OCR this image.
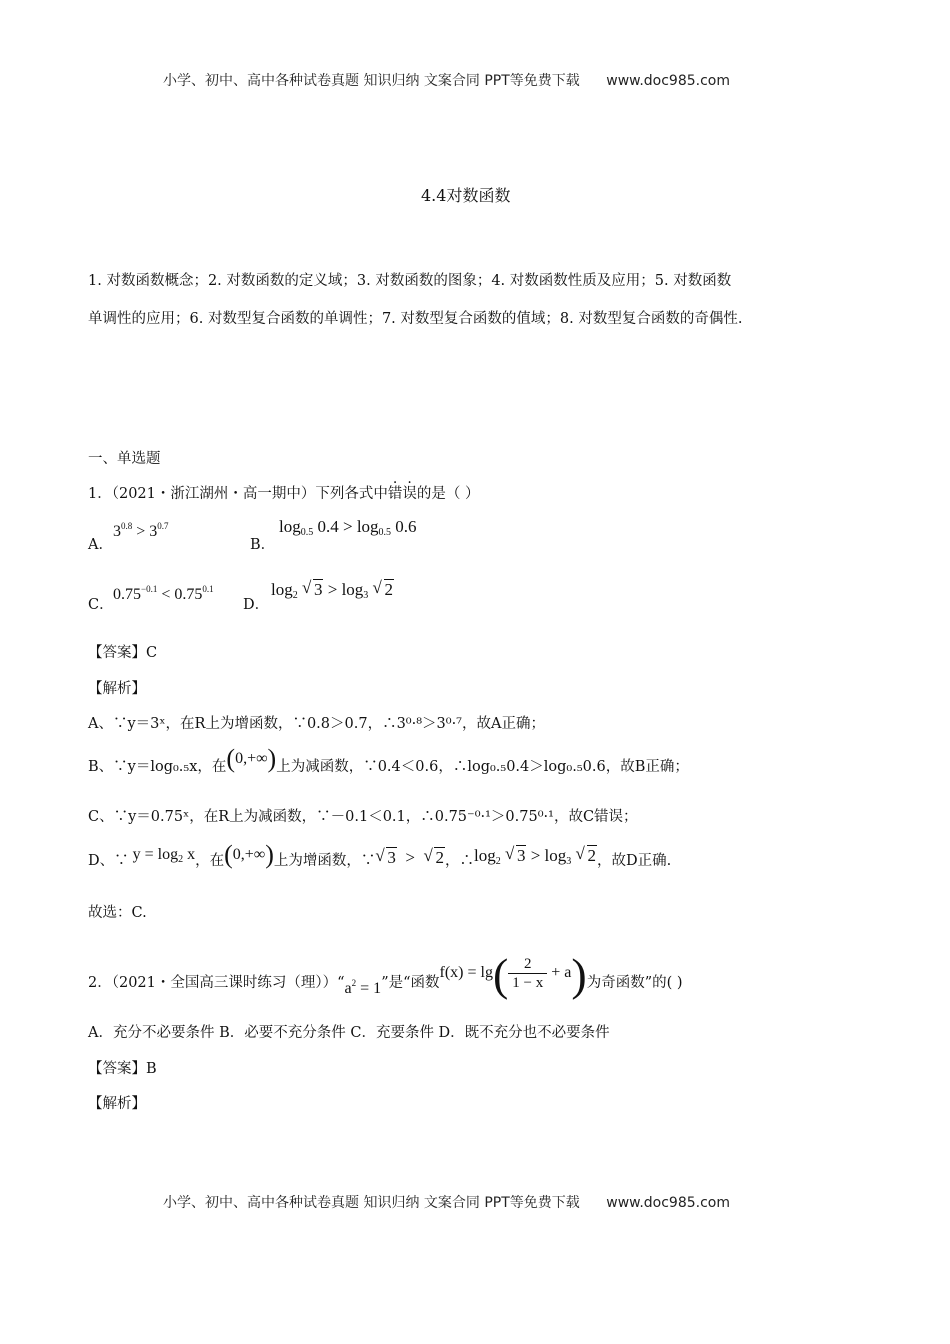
小学、初中、高中各种试卷真题 知识归纳 文案合同 PPT等免费下载 www.doc985.com
4.4对数函数
1. 对数函数概念；2. 对数函数的定义域；3. 对数函数的图象；4. 对数函数性质及应用；5. 对数函数
单调性的应用；6. 对数型复合函数的单调性；7. 对数型复合函数的值域；8. 对数型复合函数的奇偶性.
一、单选题
1．（2021・浙江湖州・高一期中）下列各式中错误的是（ ）
A．
$3^{0.8} > 3^{0.7}$
B．
$\log_{0.5} 0.4 > \log_{0.5} 0.6$
C．
$0.75^{-0.1} < 0.75^{0.1}$
D．
$\log_2$ √ $3 > \log_3$ √ 2
【答案】C
【解析】
A、∵y＝3ˣ，在R上为增函数，∵0.8＞0.7，∴3⁰·⁸＞3⁰·⁷，故A正确；
B、∵y＝log₀.₅x，在(0,+∞)上为减函数，∵0.4＜0.6，∴log₀.₅0.4＞log₀.₅0.6，故B正确；
C、∵y＝0.75ˣ，在R上为减函数，∵－0.1＜0.1，∴0.75⁻⁰·¹＞0.75⁰·¹，故C错误；
D、∵ $y = \log_2 x$，在(0,+∞)上为增函数，∵ √ 3  >  √ 2，$\therefore\log_2$ √ $3 > \log_3$ √ 2，故D正确.
故选：C.
2．（2021・全国高三课时练习（理））“$a^2 = 1$”是“函数$f(x) = \lg( \frac{2}{1 - x} + a)$为奇函数”的( )
A．充分不必要条件 B．必要不充分条件 C．充要条件 D．既不充分也不必要条件
【答案】B
【解析】
小学、初中、高中各种试卷真题 知识归纳 文案合同 PPT等免费下载 www.doc985.com
